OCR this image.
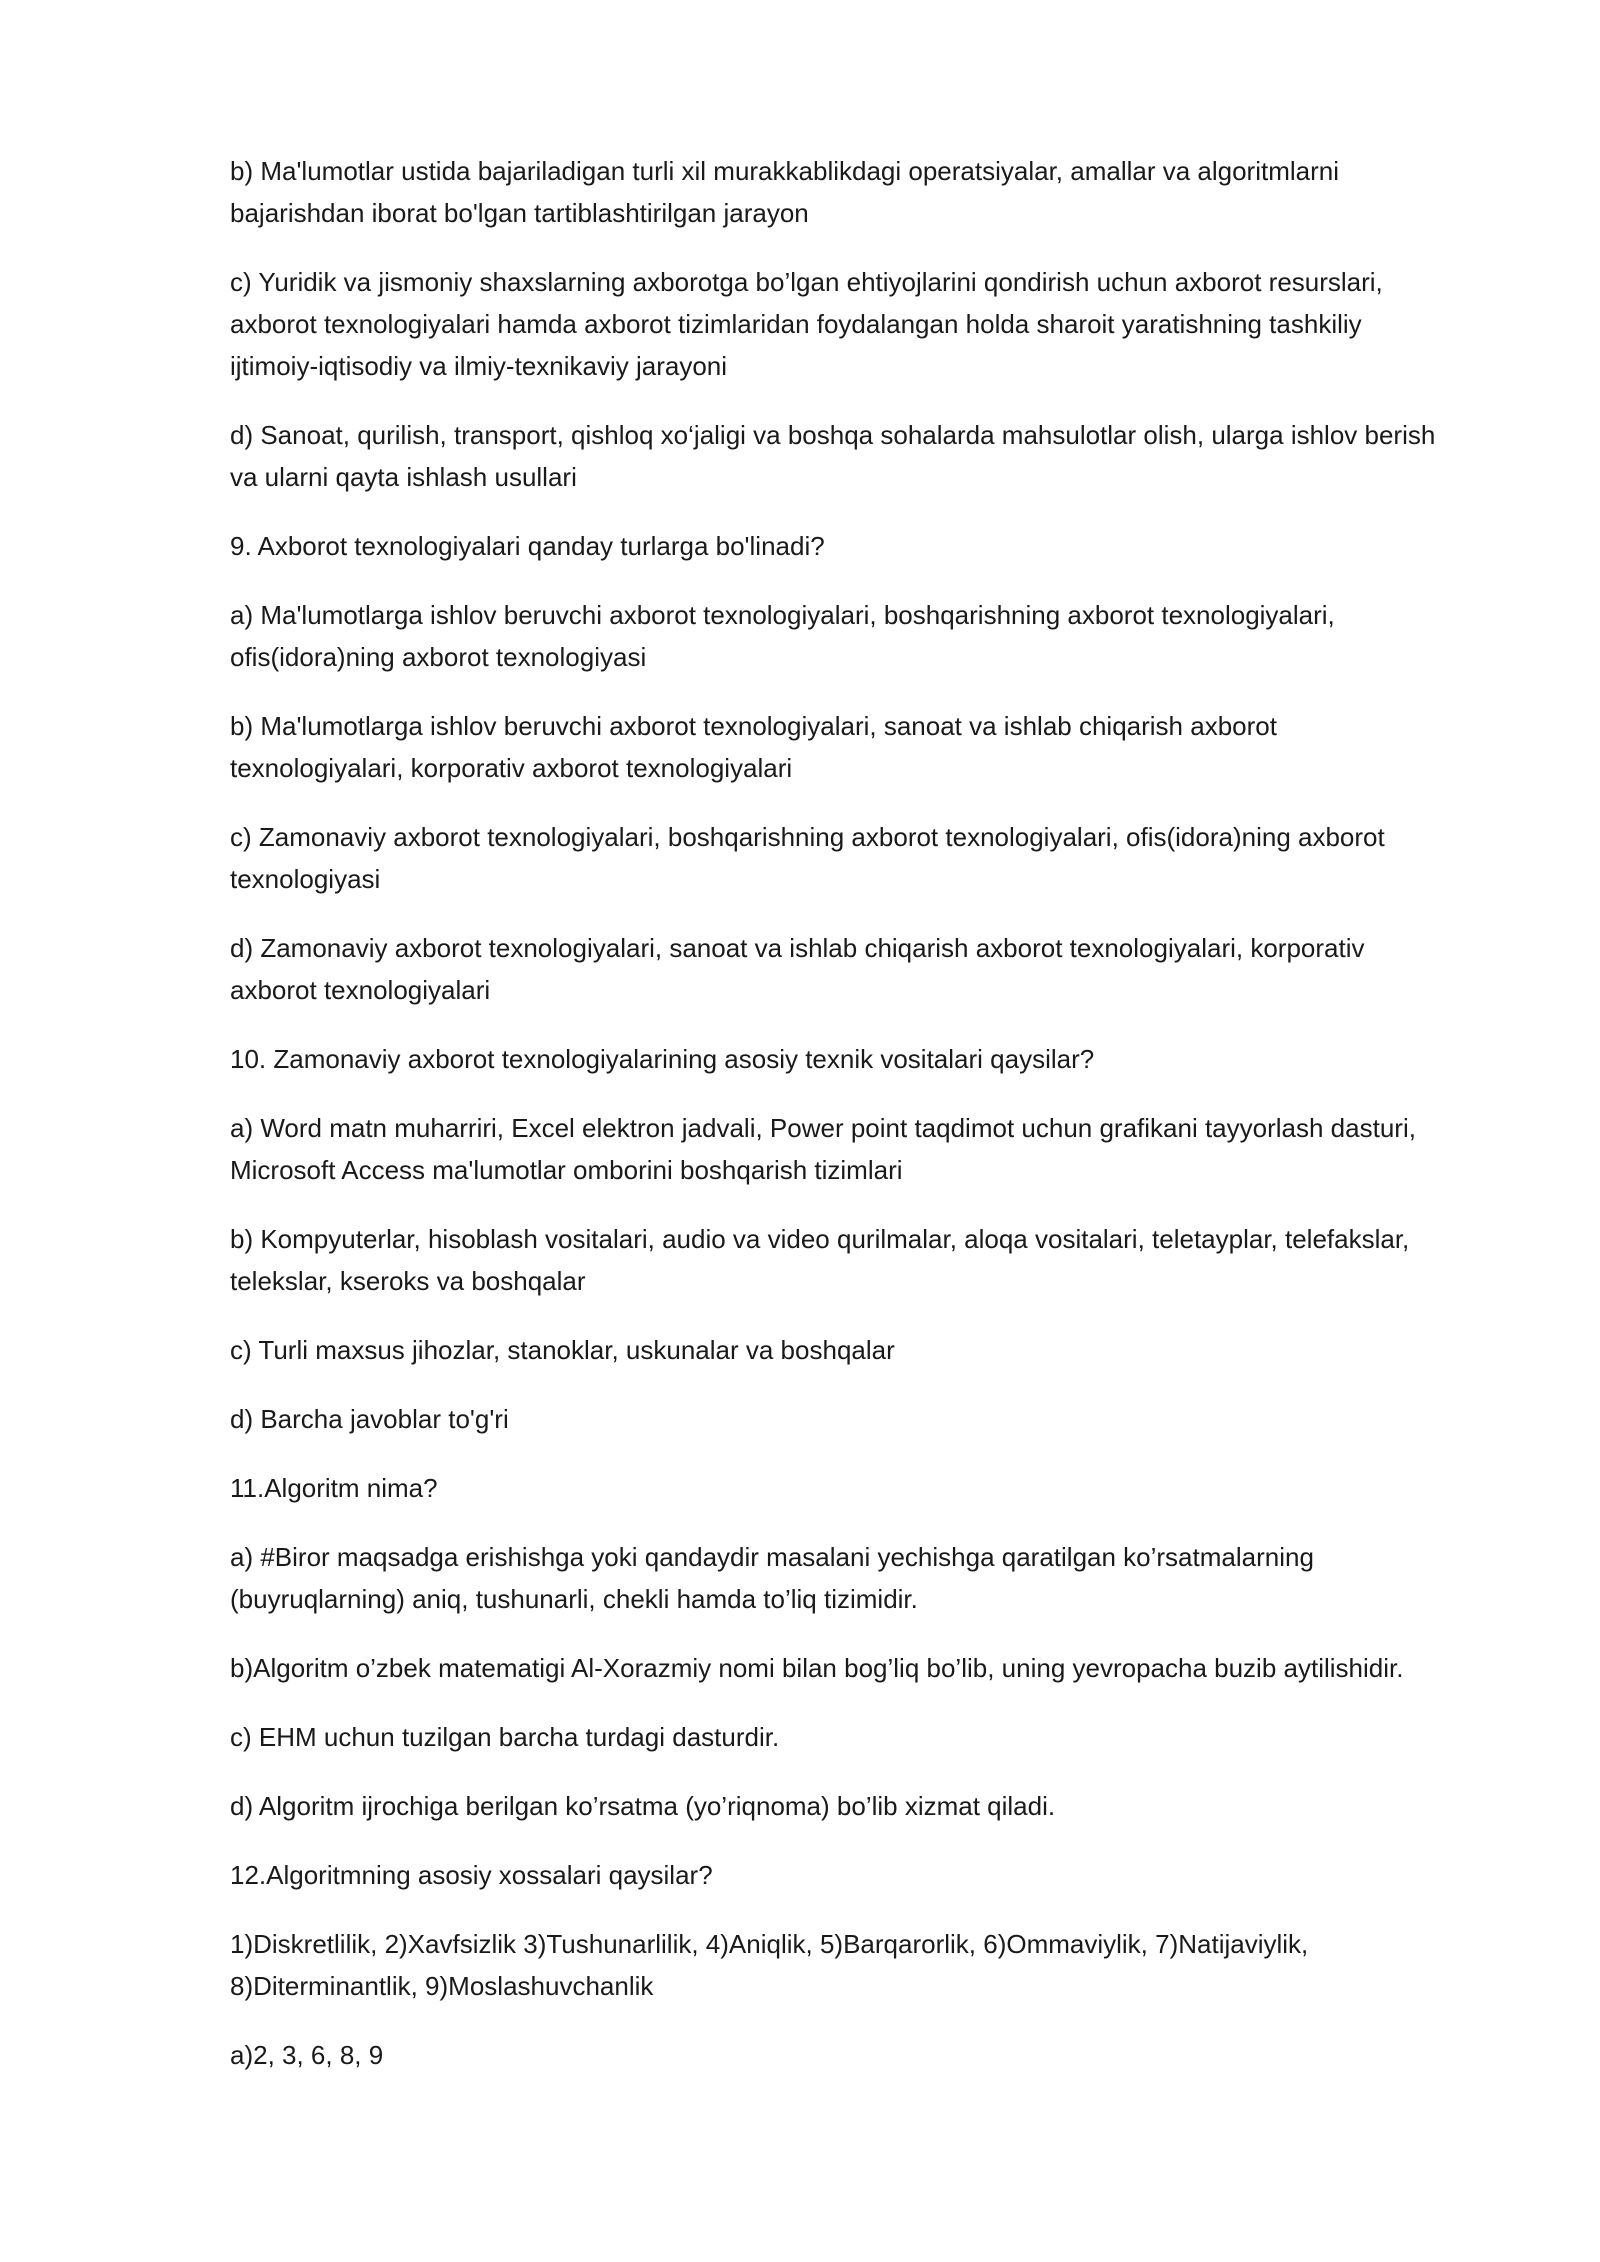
b) Ma'lumotlar ustida bajariladigan turli xil murakkablikdagi operatsiyalar, amallar va algoritmlarni
bajarishdan iborat bo'lgan tartiblashtirilgan jarayon

c) Yuridik va jismoniy shaxslarning axborotga bo’lgan ehtiyojlarini qondirish uchun axborot resurslari,
axborot texnologiyalari hamda axborot tizimlaridan foydalangan holda sharoit yaratishning tashkiliy
ijtimoiy-iqtisodiy va ilmiy-texnikaviy jarayoni

d) Sanoat, qurilish, transport, qishloq xo‘jaligi va boshqa sohalarda mahsulotlar olish, ularga ishlov berish
va ularni qayta ishlash usullari

9. Axborot texnologiyalari qanday turlarga bo'linadi?

a) Ma'lumotlarga ishlov beruvchi axborot texnologiyalari, boshqarishning axborot texnologiyalari,
ofis(idora)ning axborot texnologiyasi

b) Ma'lumotlarga ishlov beruvchi axborot texnologiyalari, sanoat va ishlab chiqarish axborot
texnologiyalari, korporativ axborot texnologiyalari

c) Zamonaviy axborot texnologiyalari, boshqarishning axborot texnologiyalari, ofis(idora)ning axborot
texnologiyasi

d) Zamonaviy axborot texnologiyalari, sanoat va ishlab chiqarish axborot texnologiyalari, korporativ
axborot texnologiyalari

10. Zamonaviy axborot texnologiyalarining asosiy texnik vositalari qaysilar?

a) Word matn muharriri, Excel elektron jadvali, Power point taqdimot uchun grafikani tayyorlash dasturi,
Microsoft Access ma'lumotlar omborini boshqarish tizimlari

b) Kompyuterlar, hisoblash vositalari, audio va video qurilmalar, aloqa vositalari, teletayplar, telefakslar,
telekslar, kseroks va boshqalar

c) Turli maxsus jihozlar, stanoklar, uskunalar va boshqalar

d) Barcha javoblar to'g'ri

11.Algoritm nima?

a) #Biror maqsadga erishishga yoki qandaydir masalani yechishga qaratilgan ko’rsatmalarning
(buyruqlarning) aniq, tushunarli, chekli hamda to’liq tizimidir.

b)Algoritm o’zbek matematigi Al-Xorazmiy nomi bilan bog’liq bo’lib, uning yevropacha buzib aytilishidir.

c) EHM uchun tuzilgan barcha turdagi dasturdir.

d) Algoritm ijrochiga berilgan ko’rsatma (yo’riqnoma) bo’lib xizmat qiladi.

12.Algoritmning asosiy xossalari qaysilar?

1)Diskretlilik, 2)Xavfsizlik 3)Tushunarlilik, 4)Aniqlik, 5)Barqarorlik, 6)Ommaviylik, 7)Natijaviylik,
8)Diterminantlik, 9)Moslashuvchanlik

a)2, 3, 6, 8, 9
